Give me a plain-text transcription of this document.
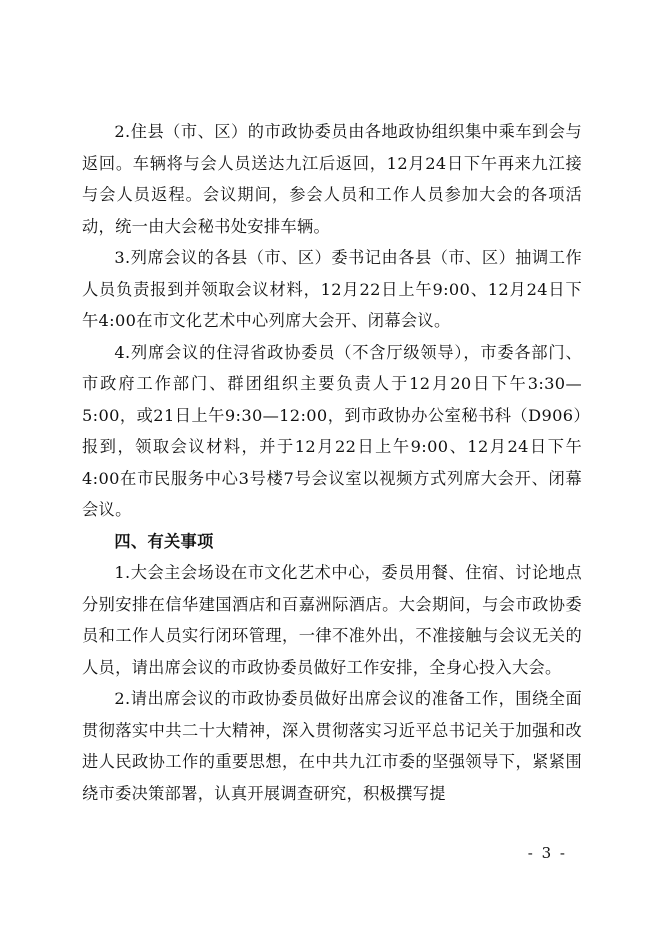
2.住县（市、区）的市政协委员由各地政协组织集中乘车到会与返回。车辆将与会人员送达九江后返回，12月24日下午再来九江接与会人员返程。会议期间，参会人员和工作人员参加大会的各项活动，统一由大会秘书处安排车辆。

3.列席会议的各县（市、区）委书记由各县（市、区）抽调工作人员负责报到并领取会议材料，12月22日上午9:00、12月24日下午4:00在市文化艺术中心列席大会开、闭幕会议。

4.列席会议的住浔省政协委员（不含厅级领导），市委各部门、市政府工作部门、群团组织主要负责人于12月20日下午3:30—5:00，或21日上午9:30—12:00，到市政协办公室秘书科（D906）报到，领取会议材料，并于12月22日上午9:00、12月24日下午4:00在市民服务中心3号楼7号会议室以视频方式列席大会开、闭幕会议。

四、有关事项

1.大会主会场设在市文化艺术中心，委员用餐、住宿、讨论地点分别安排在信华建国酒店和百嘉洲际酒店。大会期间，与会市政协委员和工作人员实行闭环管理，一律不准外出，不准接触与会议无关的人员，请出席会议的市政协委员做好工作安排，全身心投入大会。

2.请出席会议的市政协委员做好出席会议的准备工作，围绕全面贯彻落实中共二十大精神，深入贯彻落实习近平总书记关于加强和改进人民政协工作的重要思想，在中共九江市委的坚强领导下，紧紧围绕市委决策部署，认真开展调查研究，积极撰写提

- 3 -
